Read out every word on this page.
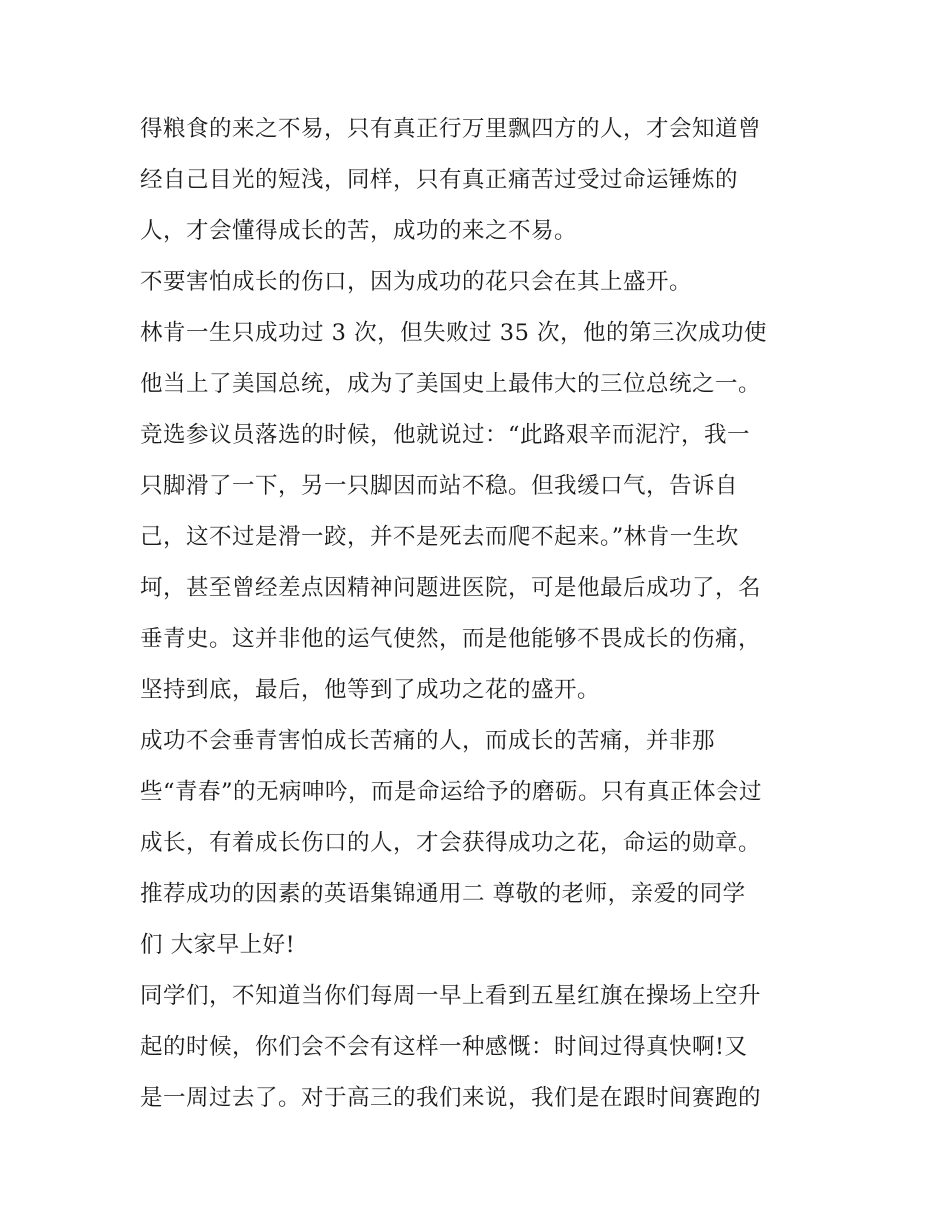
得粮食的来之不易，只有真正行万里飘四方的人，才会知道曾
经自己目光的短浅，同样，只有真正痛苦过受过命运锤炼的
人，才会懂得成长的苦，成功的来之不易。
不要害怕成长的伤口，因为成功的花只会在其上盛开。
林肯一生只成功过 3 次，但失败过 35 次，他的第三次成功使
他当上了美国总统，成为了美国史上最伟大的三位总统之一。
竞选参议员落选的时候，他就说过：“此路艰辛而泥泞，我一
只脚滑了一下，另一只脚因而站不稳。但我缓口气，告诉自
己，这不过是滑一跤，并不是死去而爬不起来。”林肯一生坎
坷，甚至曾经差点因精神问题进医院，可是他最后成功了，名
垂青史。这并非他的运气使然，而是他能够不畏成长的伤痛，
坚持到底，最后，他等到了成功之花的盛开。
成功不会垂青害怕成长苦痛的人，而成长的苦痛，并非那
些“青春”的无病呻吟，而是命运给予的磨砺。只有真正体会过
成长，有着成长伤口的人，才会获得成功之花，命运的勋章。
推荐成功的因素的英语集锦通用二 尊敬的老师，亲爱的同学
们 大家早上好!
同学们，不知道当你们每周一早上看到五星红旗在操场上空升
起的时候，你们会不会有这样一种感慨：时间过得真快啊!又
是一周过去了。对于高三的我们来说，我们是在跟时间赛跑的
